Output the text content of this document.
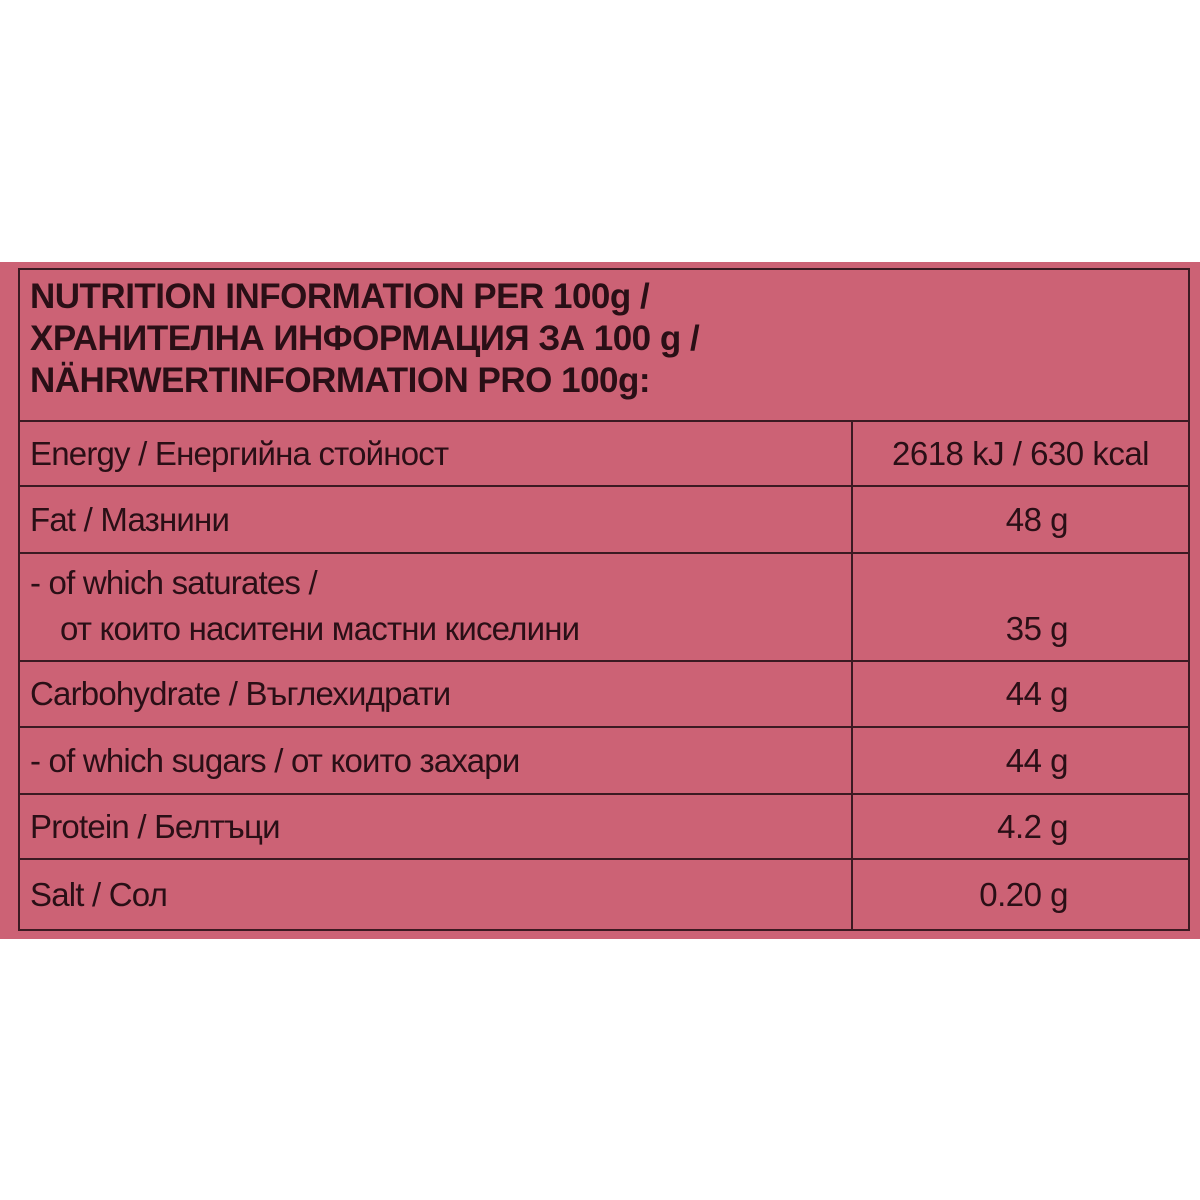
NUTRITION INFORMATION PER 100g /
ХРАНИТЕЛНА ИНФОРМАЦИЯ ЗА 100 g /
NÄHRWERTINFORMATION PRO 100g:
Energy / Енергийна стойност	2618 kJ / 630 kcal
Fat / Мазнини	48 g
- of which saturates /
от които наситени мастни киселини	35 g
Carbohydrate / Въглехидрати	44 g
- of which sugars / от които захари	44 g
Protein / Белтъци	4.2 g
Salt / Сол	0.20 g
